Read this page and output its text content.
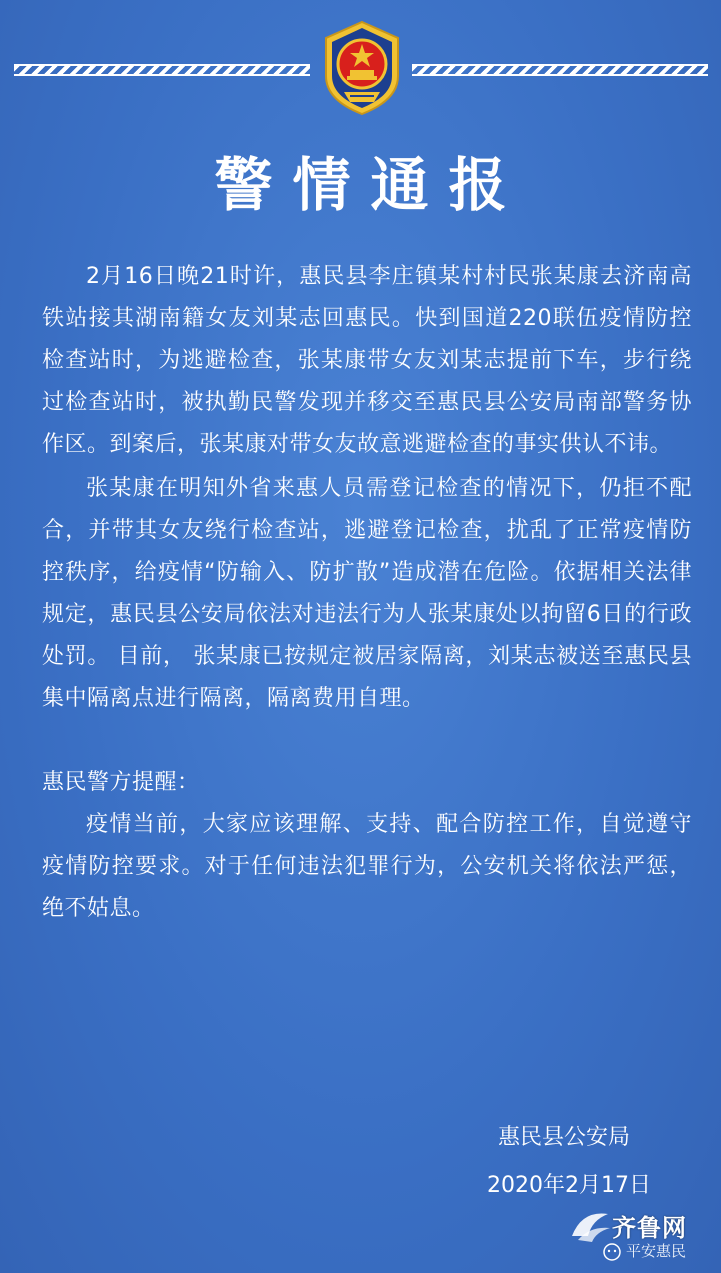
警情通报

2月16日晚21时许，惠民县李庄镇某村村民张某康去济南高铁站接其湖南籍女友刘某志回惠民。快到国道220联伍疫情防控检查站时，为逃避检查，张某康带女友刘某志提前下车，步行绕过检查站时，被执勤民警发现并移交至惠民县公安局南部警务协作区。到案后，张某康对带女友故意逃避检查的事实供认不讳。

张某康在明知外省来惠人员需登记检查的情况下，仍拒不配合，并带其女友绕行检查站，逃避登记检查，扰乱了正常疫情防控秩序，给疫情“防输入、防扩散”造成潜在危险。依据相关法律规定，惠民县公安局依法对违法行为人张某康处以拘留6日的行政处罚。 目前， 张某康已按规定被居家隔离，刘某志被送至惠民县集中隔离点进行隔离，隔离费用自理。

惠民警方提醒：

疫情当前，大家应该理解、支持、配合防控工作，自觉遵守疫情防控要求。对于任何违法犯罪行为，公安机关将依法严惩，绝不姑息。

惠民县公安局
2020年2月17日
齐鲁网
平安惠民
